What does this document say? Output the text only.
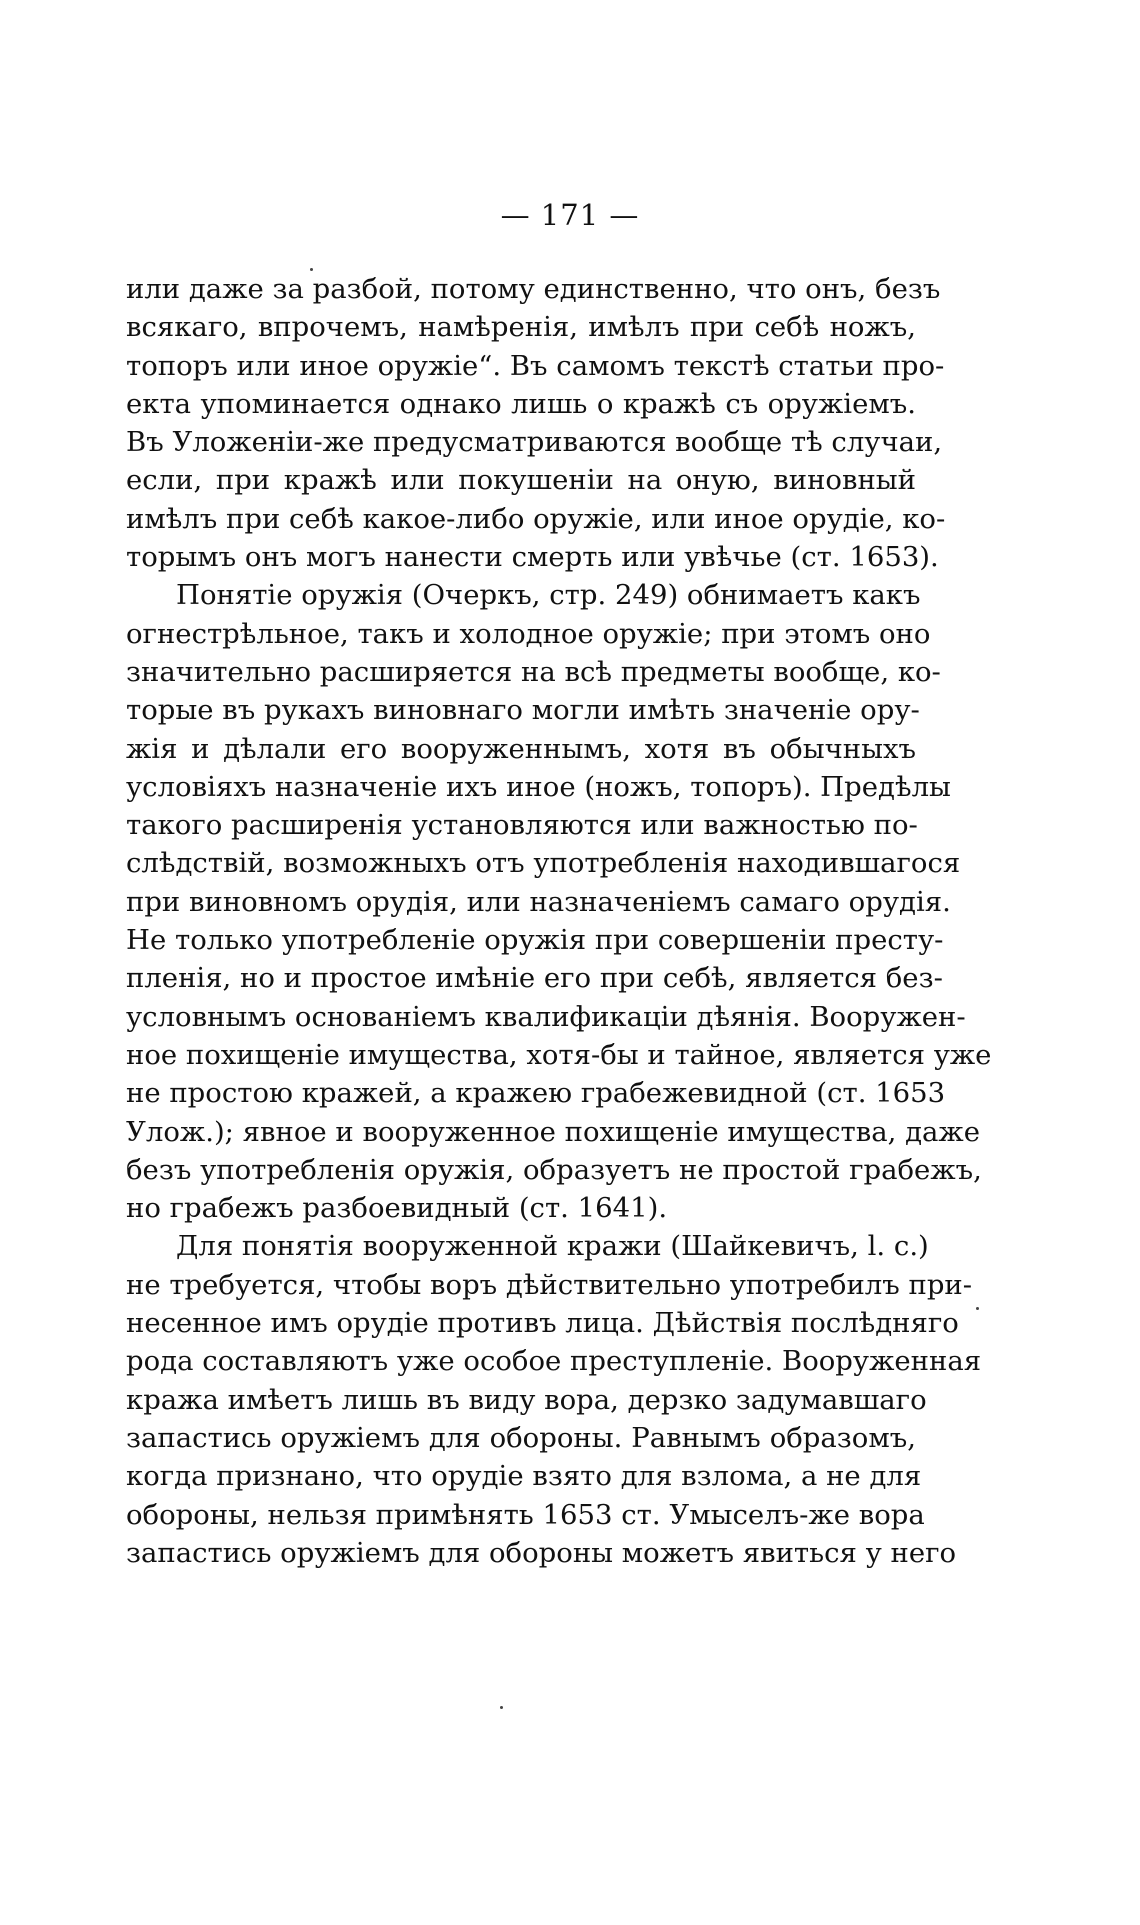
— 171 —
или даже за разбой, потому единственно, что онъ, безъ
всякаго, впрочемъ, намѣренія, имѣлъ при себѣ ножъ,
топоръ или иное оружіе“. Въ самомъ текстѣ статьи про-
екта упоминается однако лишь о кражѣ съ оружіемъ.
Въ Уложеніи-же предусматриваются вообще тѣ случаи,
если, при кражѣ или покушеніи на оную, виновный
имѣлъ при себѣ какое-либо оружіе, или иное орудіе, ко-
торымъ онъ могъ нанести смерть или увѣчье (ст. 1653).
Понятіе оружія (Очеркъ, стр. 249) обнимаетъ какъ
огнестрѣльное, такъ и холодное оружіе; при этомъ оно
значительно расширяется на всѣ предметы вообще, ко-
торые въ рукахъ виновнаго могли имѣть значеніе ору-
жія и дѣлали его вооруженнымъ, хотя въ обычныхъ
условіяхъ назначеніе ихъ иное (ножъ, топоръ). Предѣлы
такого расширенія установляются или важностью по-
слѣдствій, возможныхъ отъ употребленія находившагося
при виновномъ орудія, или назначеніемъ самаго орудія.
Не только употребленіе оружія при совершеніи престу-
пленія, но и простое имѣніе его при себѣ, является без-
условнымъ основаніемъ квалификаціи дѣянія. Вооружен-
ное похищеніе имущества, хотя-бы и тайное, является уже
не простою кражей, а кражею грабежевидной (ст. 1653
Улож.); явное и вооруженное похищеніе имущества, даже
безъ употребленія оружія, образуетъ не простой грабежъ,
но грабежъ разбоевидный (ст. 1641).
Для понятія вооруженной кражи (Шайкевичъ, l. c.)
не требуется, чтобы воръ дѣйствительно употребилъ при-
несенное имъ орудіе противъ лица. Дѣйствія послѣдняго
рода составляютъ уже особое преступленіе. Вооруженная
кража имѣетъ лишь въ виду вора, дерзко задумавшаго
запастись оружіемъ для обороны. Равнымъ образомъ,
когда признано, что орудіе взято для взлома, а не для
обороны, нельзя примѣнять 1653 ст. Умыселъ-же вора
запастись оружіемъ для обороны можетъ явиться у него
